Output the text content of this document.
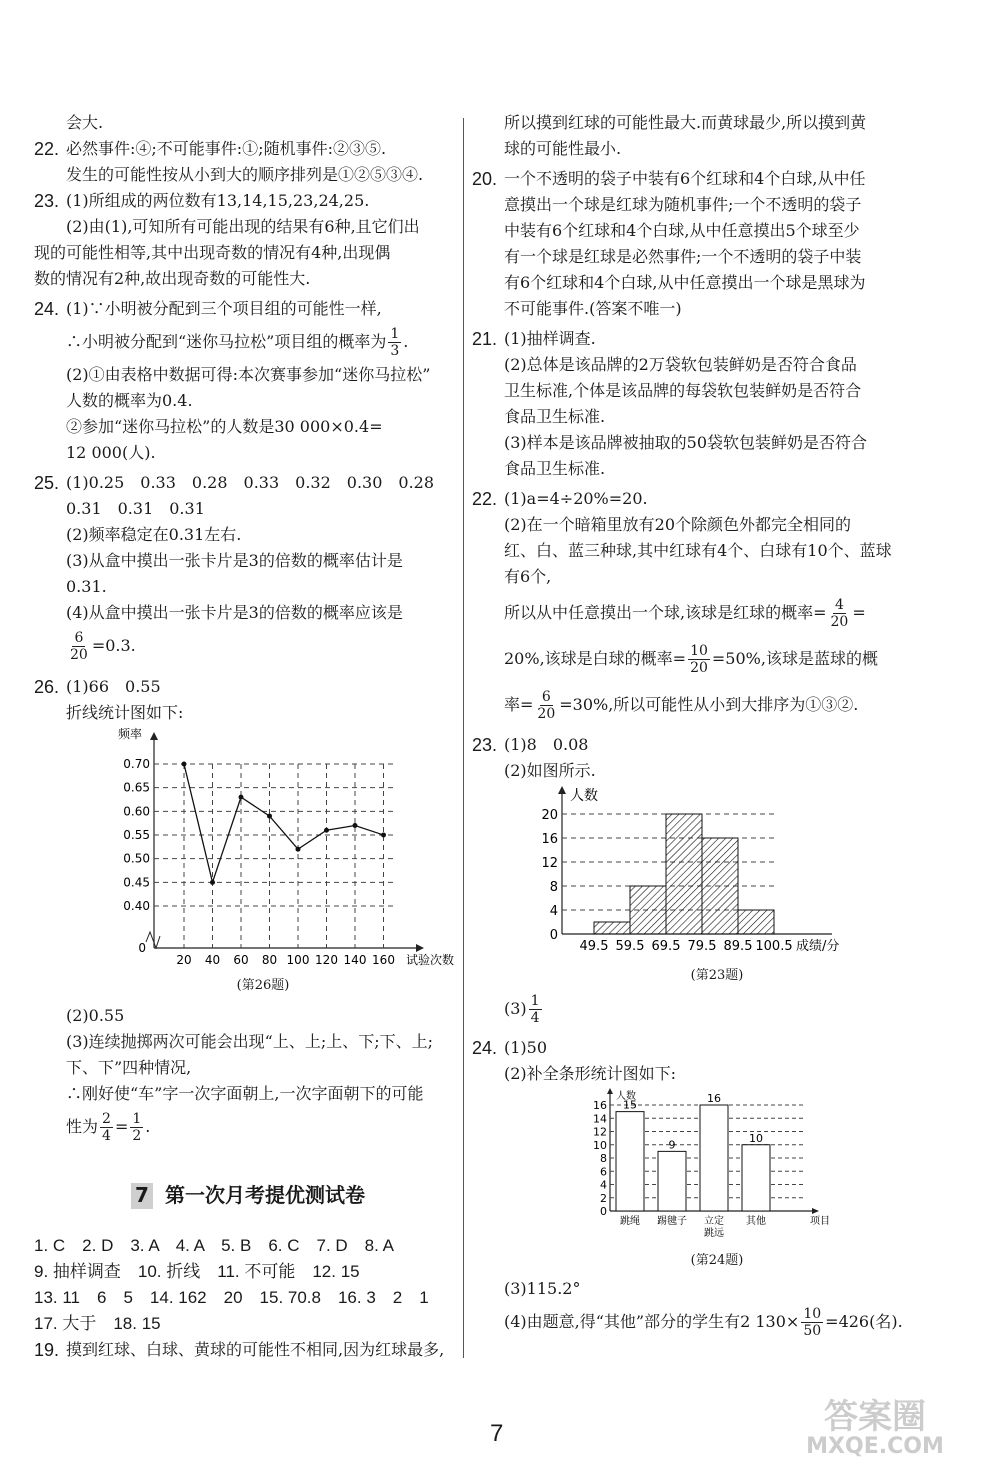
会大.
22. 必然事件:④;不可能事件:①;随机事件:②③⑤.
发生的可能性按从小到大的顺序排列是①②⑤③④.
23. (1)所组成的两位数有13,14,15,23,24,25.
(2)由(1),可知所有可能出现的结果有6种,且它们出
现的可能性相等,其中出现奇数的情况有4种,出现偶
数的情况有2种,故出现奇数的可能性大.
24. (1)∵小明被分配到三个项目组的可能性一样,
∴小明被分配到“迷你马拉松”项目组的概率为 $\frac{1}{3}$ .
(2)①由表格中数据可得:本次赛事参加“迷你马拉松”
人数的概率为0.4.
②参加“迷你马拉松”的人数是30 000×0.4=
12 000(人).
25. (1)0.25　0.33　0.28　0.33　0.32　0.30　0.28
0.31　0.31　0.31
(2)频率稳定在0.31左右.
(3)从盒中摸出一张卡片是3的倍数的概率估计是
0.31.
(4)从盒中摸出一张卡片是3的倍数的概率应该是
$\frac{6}{20} =0.3$.
26. (1)66　0.55
折线统计图如下:
频率
0.70
0.65
0.60
0.55
0.50
0.45
0.40
0
20 40 60 80 100 120 140 160 试验次数
(第26题)
(2)0.55
(3)连续抛掷两次可能会出现“上、上;上、下;下、上;
下、下”四种情况,
∴刚好使“车”字一次字面朝上,一次字面朝下的可能
性为 $\frac{2}{4} = \frac{1}{2}$ .
7 第一次月考提优测试卷
1. C　2. D　3. A　4. A　5. B　6. C　7. D　8. A
9. 抽样调查　10. 折线　11. 不可能　12. 15
13. 11　6　5　14. 162　20　15. 70.8　16. 3　2　1
17. 大于　18. 15
19. 摸到红球、白球、黄球的可能性不相同,因为红球最多,
所以摸到红球的可能性最大.而黄球最少,所以摸到黄
球的可能性最小.
20. 一个不透明的袋子中装有6个红球和4个白球,从中任
意摸出一个球是红球为随机事件;一个不透明的袋子
中装有6个红球和4个白球,从中任意摸出5个球至少
有一个球是红球是必然事件;一个不透明的袋子中装
有6个红球和4个白球,从中任意摸出一个球是黑球为
不可能事件.(答案不唯一)
21. (1)抽样调查.
(2)总体是该品牌的2万袋软包装鲜奶是否符合食品
卫生标准,个体是该品牌的每袋软包装鲜奶是否符合
食品卫生标准.
(3)样本是该品牌被抽取的50袋软包装鲜奶是否符合
食品卫生标准.
22. (1)a=4÷20%=20.
(2)在一个暗箱里放有20个除颜色外都完全相同的
红、白、蓝三种球,其中红球有4个、白球有10个、蓝球
有6个,
所以从中任意摸出一个球,该球是红球的概率= $\frac{4}{20}$ =
20%,该球是白球的概率= $\frac{10}{20} =50\%$,该球是蓝球的概
率= $\frac{6}{20} =30\%$,所以可能性从小到大排序为①③②.
23. (1)8　0.08
(2)如图所示.
人数
20
16
12
8
4
0
49.5 59.5 69.5 79.5 89.5 100.5 成绩/分
(第23题)
$(3) \frac{1}{4}$
24. (1)50
(2)补全条形统计图如下:
人数
16
14
12
10
8
6
4
2
0
15
跳绳
9
踢毽子
16
立定
跳远
10
其他	项目
(第24题)
(3)115.2°
(4)由题意,得“其他”部分的学生有2 $130\times \frac{10}{50} =426$(名).
7	答案圈
MXQE.COM
